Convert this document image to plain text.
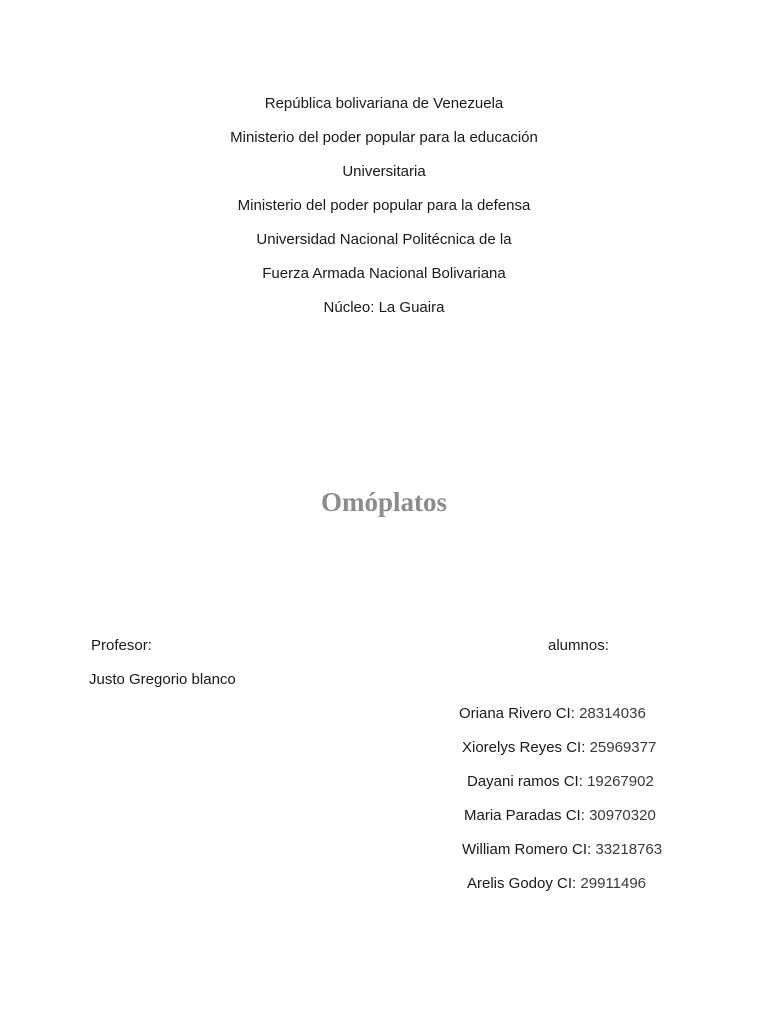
República bolivariana de Venezuela
Ministerio del poder popular para la educación
Universitaria
Ministerio del poder popular para la defensa
Universidad Nacional Politécnica de la
Fuerza Armada Nacional Bolivariana
Núcleo: La Guaira
Omóplatos
Profesor:	alumnos:
Justo Gregorio blanco
Oriana Rivero CI: 28314036
Xiorelys Reyes CI: 25969377
Dayani ramos CI: 19267902
Maria Paradas CI: 30970320
William Romero CI: 33218763
Arelis Godoy CI: 29911496
